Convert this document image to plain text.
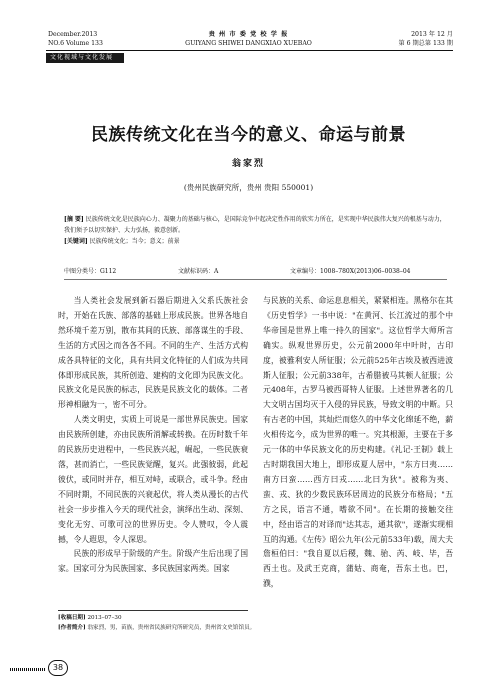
December.2013
NO.6 Volume 133
贵 州 市 委 党 校 学 报
GUIYANG SHIWEI DANGXIAO XUEBAO
2013 年 12 月
第 6 期总第 133 期
文化视域与文化发展
民族传统文化在当今的意义、命运与前景
翁家烈
(贵州民族研究所，贵州 贵阳 550001)
[摘 要] 民族传统文化是民族向心力、凝聚力的基础与核心，是国际竞争中起决定性作用的软实力所在，是实现中华民族伟大复兴的根基与动力，我们须予以切实保护、大力弘扬，毅意创新。
[关键词] 民族传统文化；当今；意义；前景
中图分类号：G112	文献标识码：A	文章编号：1008–780X(2013)06–0038–04

当人类社会发展到新石器后期进入父系氏族社会时，开始在氏族、部落的基础上形成民族。世界各地自然环境千差万别，散布其间的氏族、部落谋生的手段、生活的方式因之而各各不同。不同的生产、生活方式构成各具特征的文化，具有共同文化特征的人们成为共同体即形成民族，其所创造、建构的文化即为民族文化。民族文化是民族的标志，民族是民族文化的载体。二者形神相融为一，密不可分。

人类文明史，实质上可说是一部世界民族史。国家由民族所创建，亦由民族所消解或转换。在历时数千年的民族历史进程中，一些民族兴起，崛起，一些民族衰落，甚而消亡，一些民族觉醒，复兴。此强彼弱，此起彼伏，或同时并存，相互对峙，或联合，或斗争。经由不同时期，不同民族的兴衰起伏，将人类从漫长的古代社会一步步推入今天的现代社会，演绎出生动、深刻、变化无穷、可歌可泣的世界历史。令人赞叹，令人震撼，令人遐思，令人深思。

民族的形成早于阶级的产生。阶级产生后出现了国家。国家可分为民族国家、多民族国家两类。国家

与民族的关系、命运息息相关，紧紧相连。黑格尔在其《历史哲学》一书中说："在黄河、长江流过的那个中华帝国是世界上唯一持久的国家"。这位哲学大师所言确实。纵观世界历史，公元前2000年中叶时，古印度，被雅利安人所征服；公元前525年古埃及被西进波斯人征服；公元前338年，古希腊被马其顿人征服；公元408年，古罗马被西哥特人征服。上述世界著名的几大文明古国均灭于入侵的异民族，导致文明的中断。只有古老的中国，其灿烂而悠久的中华文化绵延不绝，薪火相传迄今，成为世界的唯一。究其根源，主要在于多元一体的中华民族文化的历史构建。《礼记·王制》载上古时期我国大地上，即形成夏人居中，"东方曰夷……南方曰蛮……西方曰戎……北曰为狄"。被称为夷、蛮、戎、狄的少数民族环居周边的民族分布格局；"五方之民，语言不通，嗜欲不同"。在长期的接触交往中，经由语言的对译而"达其志，通其欲"，遂渐实现相互的沟通。《左传》昭公九年(公元前533年)载，周大夫詹桓伯曰："我自夏以后稷，魏、骀、芮、岐、毕，吾西土也。及武王克商，蒲姑、商奄，吾东土也。巴，濮，

[收稿日期] 2013–07–30
[作者简介] 翁家烈，男，苗族，贵州省民族研究所研究员，贵州省文史馆馆员。
38
